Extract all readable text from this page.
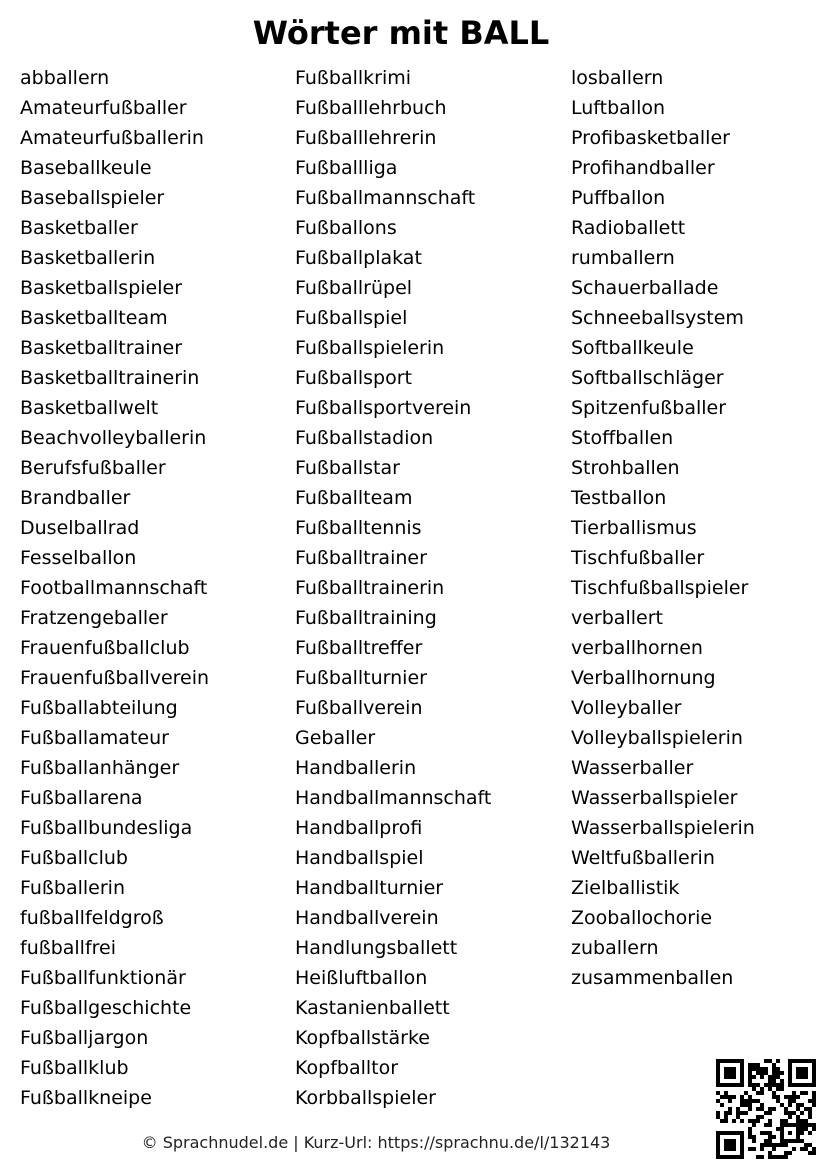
Wörter mit BALL
abballern
Amateurfußballer
Amateurfußballerin
Baseballkeule
Baseballspieler
Basketballer
Basketballerin
Basketballspieler
Basketballteam
Basketballtrainer
Basketballtrainerin
Basketballwelt
Beachvolleyballerin
Berufsfußballer
Brandballer
Duselballrad
Fesselballon
Footballmannschaft
Fratzengeballer
Frauenfußballclub
Frauenfußballverein
Fußballabteilung
Fußballamateur
Fußballanhänger
Fußballarena
Fußballbundesliga
Fußballclub
Fußballerin
fußballfeldgroß
fußballfrei
Fußballfunktionär
Fußballgeschichte
Fußballjargon
Fußballklub
Fußballkneipe
Fußballkrimi
Fußballlehrbuch
Fußballlehrerin
Fußballliga
Fußballmannschaft
Fußballons
Fußballplakat
Fußballrüpel
Fußballspiel
Fußballspielerin
Fußballsport
Fußballsportverein
Fußballstadion
Fußballstar
Fußballteam
Fußballtennis
Fußballtrainer
Fußballtrainerin
Fußballtraining
Fußballtreffer
Fußballturnier
Fußballverein
Geballer
Handballerin
Handballmannschaft
Handballprofi
Handballspiel
Handballturnier
Handballverein
Handlungsballett
Heißluftballon
Kastanienballett
Kopfballstärke
Kopfballtor
Korbballspieler
losballern
Luftballon
Profibasketballer
Profihandballer
Puffballon
Radioballett
rumballern
Schauerballade
Schneeballsystem
Softballkeule
Softballschläger
Spitzenfußballer
Stoffballen
Strohballen
Testballon
Tierballismus
Tischfußballer
Tischfußballspieler
verballert
verballhornen
Verballhornung
Volleyballer
Volleyballspielerin
Wasserballer
Wasserballspieler
Wasserballspielerin
Weltfußballerin
Zielballistik
Zooballochorie
zuballern
zusammenballen
© Sprachnudel.de | Kurz-Url: https://sprachnu.de/l/132143
